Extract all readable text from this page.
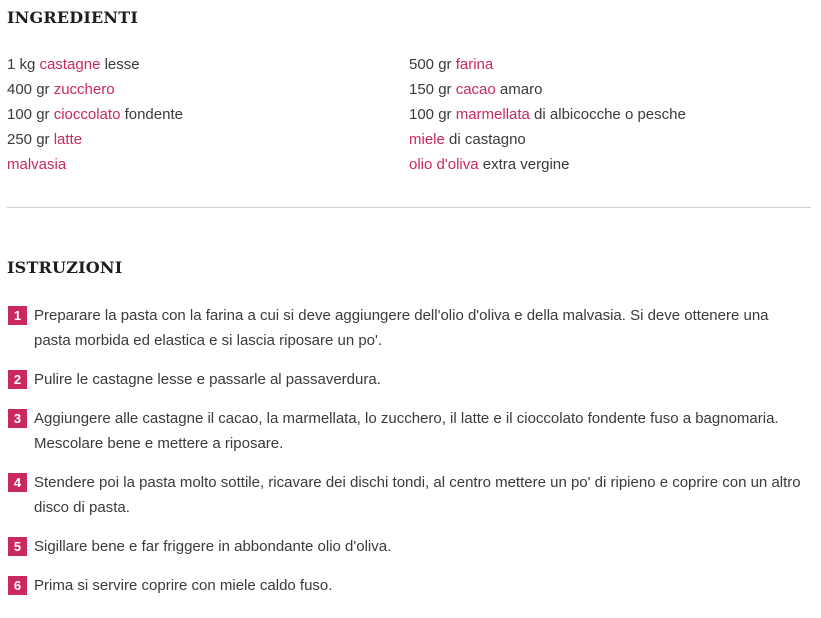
INGREDIENTI
1 kg castagne lesse
400 gr zucchero
100 gr cioccolato fondente
250 gr latte
malvasia
500 gr farina
150 gr cacao amaro
100 gr marmellata di albicocche o pesche
miele di castagno
olio d'oliva extra vergine
ISTRUZIONI
1 Preparare la pasta con la farina a cui si deve aggiungere dell'olio d'oliva e della malvasia. Si deve ottenere una pasta morbida ed elastica e si lascia riposare un po'.
2 Pulire le castagne lesse e passarle al passaverdura.
3 Aggiungere alle castagne il cacao, la marmellata, lo zucchero, il latte e il cioccolato fondente fuso a bagnomaria. Mescolare bene e mettere a riposare.
4 Stendere poi la pasta molto sottile, ricavare dei dischi tondi, al centro mettere un po' di ripieno e coprire con un altro disco di pasta.
5 Sigillare bene e far friggere in abbondante olio d'oliva.
6 Prima si servire coprire con miele caldo fuso.
